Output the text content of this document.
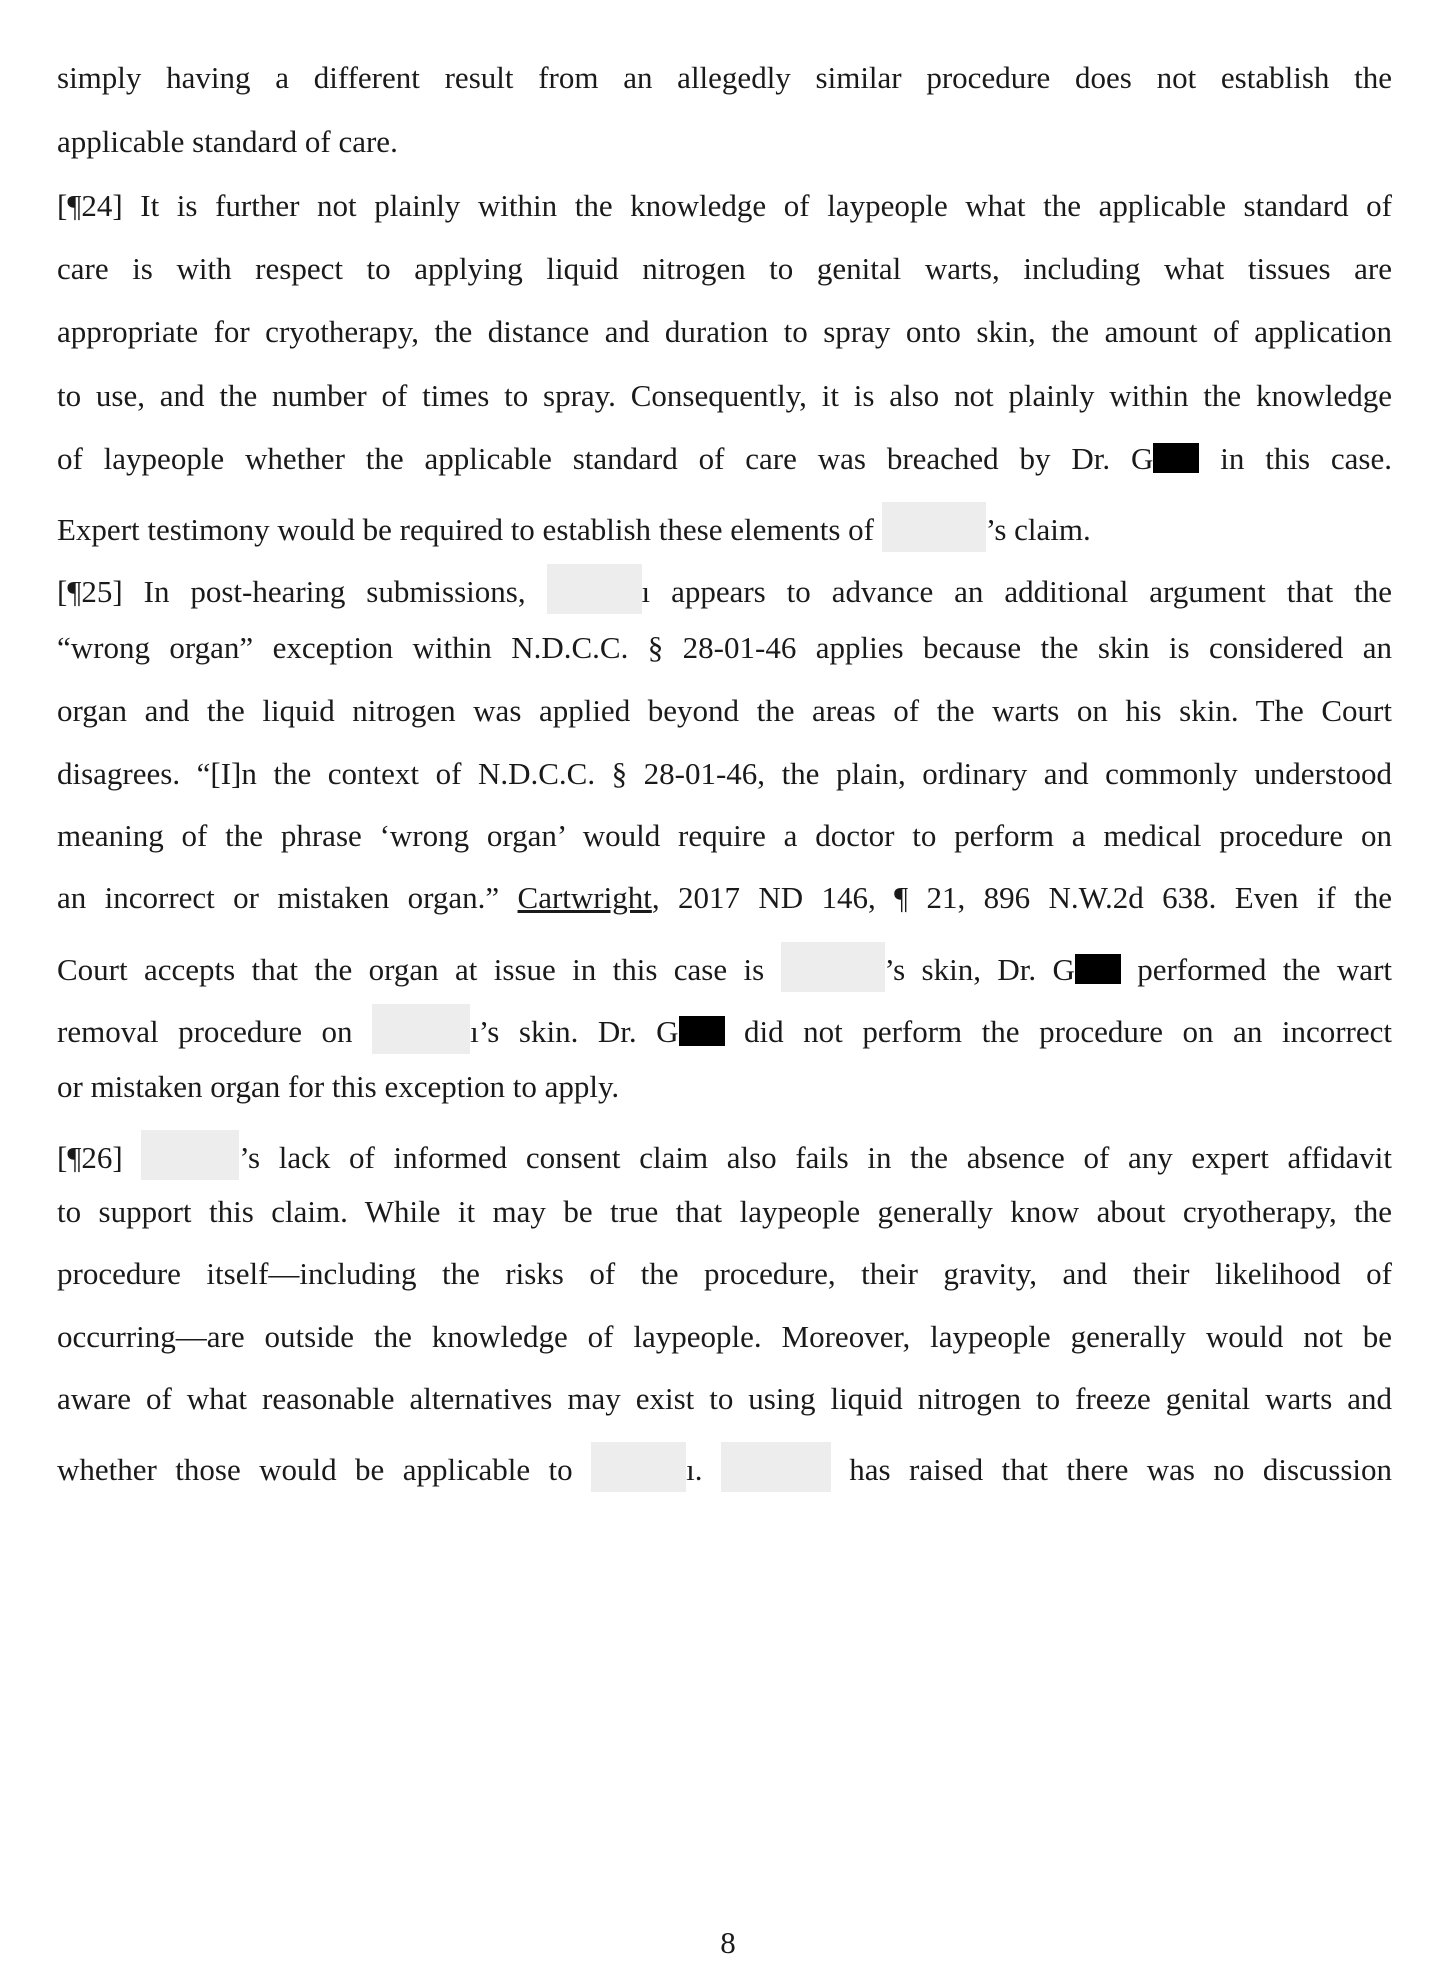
simply having a different result from an allegedly similar procedure does not establish the
applicable standard of care.
[¶24] It is further not plainly within the knowledge of laypeople what the applicable standard of
care is with respect to applying liquid nitrogen to genital warts, including what tissues are
appropriate for cryotherapy, the distance and duration to spray onto skin, the amount of application
to use, and the number of times to spray. Consequently, it is also not plainly within the knowledge
of laypeople whether the applicable standard of care was breached by Dr. G in this case.
Expert testimony would be required to establish these elements of	’s claim.
[¶25] In post-hearing submissions,	ı appears to advance an additional argument that the
“wrong organ” exception within N.D.C.C. § 28-01-46 applies because the skin is considered an
organ and the liquid nitrogen was applied beyond the areas of the warts on his skin. The Court
disagrees. “[I]n the context of N.D.C.C. § 28-01-46, the plain, ordinary and commonly understood
meaning of the phrase ‘wrong organ’ would require a doctor to perform a medical procedure on
an incorrect or mistaken organ.” Cartwright, 2017 ND 146, ¶ 21, 896 N.W.2d 638. Even if the
Court accepts that the organ at issue in this case is	’s skin, Dr. G performed the wart
removal procedure on	ı’s skin. Dr. G did not perform the procedure on an incorrect
or mistaken organ for this exception to apply.
[¶26]	’s lack of informed consent claim also fails in the absence of any expert affidavit
to support this claim. While it may be true that laypeople generally know about cryotherapy, the
procedure itself—including the risks of the procedure, their gravity, and their likelihood of
occurring—are outside the knowledge of laypeople. Moreover, laypeople generally would not be
aware of what reasonable alternatives may exist to using liquid nitrogen to freeze genital warts and
whether those would be applicable to	ı.	has raised that there was no discussion
8
